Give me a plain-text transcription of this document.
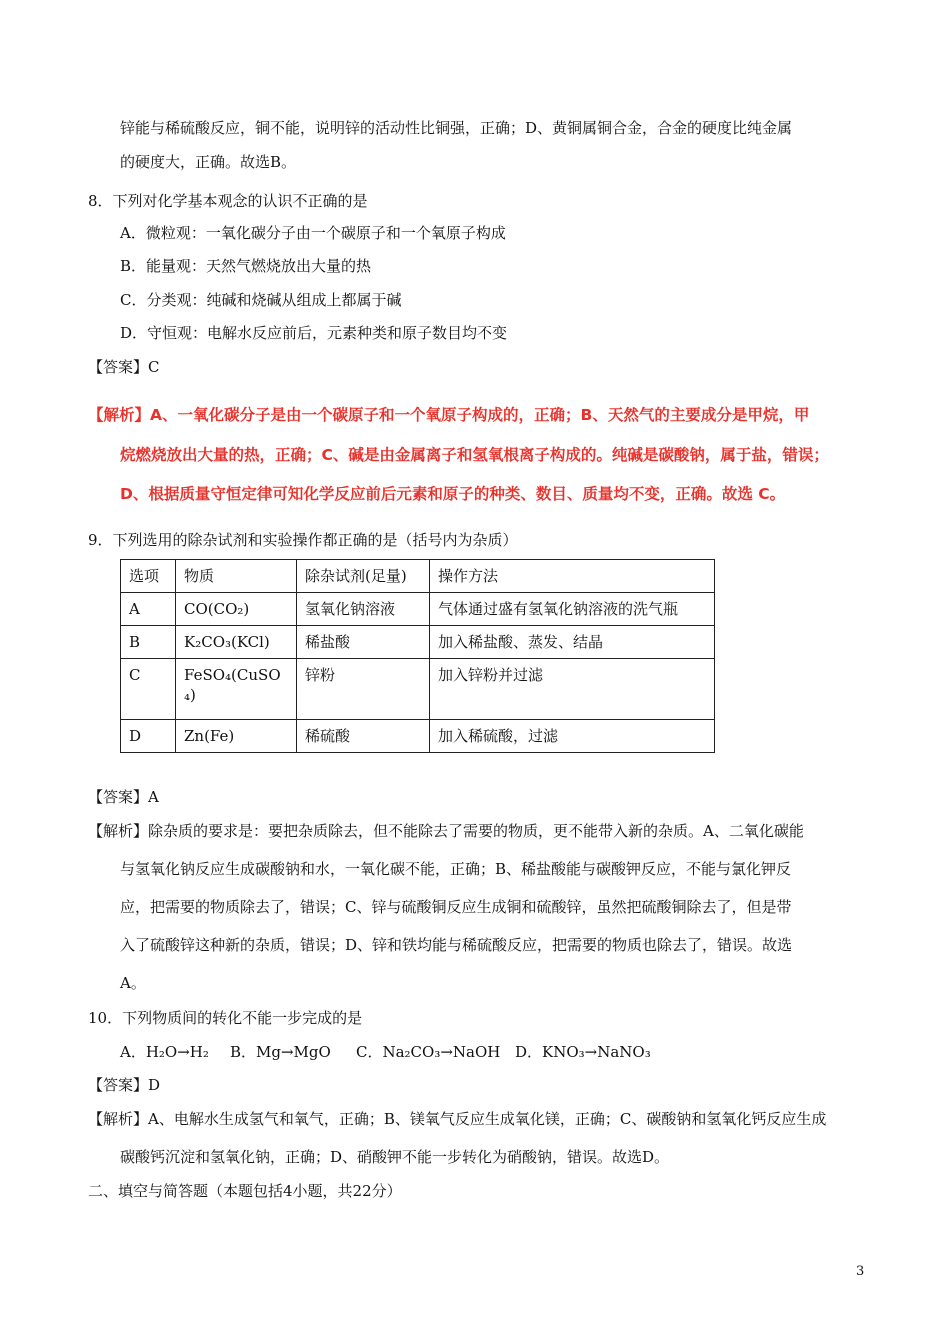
锌能与稀硫酸反应，铜不能，说明锌的活动性比铜强，正确；D、黄铜属铜合金，合金的硬度比纯金属
的硬度大，正确。故选B。
8．下列对化学基本观念的认识不正确的是
A．微粒观：一氧化碳分子由一个碳原子和一个氧原子构成
B．能量观：天然气燃烧放出大量的热
C．分类观：纯碱和烧碱从组成上都属于碱
D．守恒观：电解水反应前后，元素种类和原子数目均不变
【答案】C
【解析】A、一氧化碳分子是由一个碳原子和一个氧原子构成的，正确；B、天然气的主要成分是甲烷，甲
烷燃烧放出大量的热，正确；C、碱是由金属离子和氢氧根离子构成的。纯碱是碳酸钠，属于盐，错误；
D、根据质量守恒定律可知化学反应前后元素和原子的种类、数目、质量均不变，正确。故选 C。
9．下列选用的除杂试剂和实验操作都正确的是（括号内为杂质）
选项	物质	除杂试剂(足量)	操作方法
A	CO(CO₂)	氢氧化钠溶液	气体通过盛有氢氧化钠溶液的洗气瓶
B	K₂CO₃(KCl)	稀盐酸	加入稀盐酸、蒸发、结晶
C	FeSO₄(CuSO₄)	锌粉	加入锌粉并过滤
D	Zn(Fe)	稀硫酸	加入稀硫酸，过滤
【答案】A
【解析】除杂质的要求是：要把杂质除去，但不能除去了需要的物质，更不能带入新的杂质。A、二氧化碳能
与氢氧化钠反应生成碳酸钠和水，一氧化碳不能，正确；B、稀盐酸能与碳酸钾反应，不能与氯化钾反
应，把需要的物质除去了，错误；C、锌与硫酸铜反应生成铜和硫酸锌，虽然把硫酸铜除去了，但是带
入了硫酸锌这种新的杂质，错误；D、锌和铁均能与稀硫酸反应，把需要的物质也除去了，错误。故选
A。
10．下列物质间的转化不能一步完成的是
A．H₂O→H₂ B．Mg→MgO C．Na₂CO₃→NaOH D．KNO₃→NaNO₃
【答案】D
【解析】A、电解水生成氢气和氧气，正确；B、镁氧气反应生成氧化镁，正确；C、碳酸钠和氢氧化钙反应生成
碳酸钙沉淀和氢氧化钠，正确；D、硝酸钾不能一步转化为硝酸钠，错误。故选D。
二、填空与简答题（本题包括4小题，共22分）
3
